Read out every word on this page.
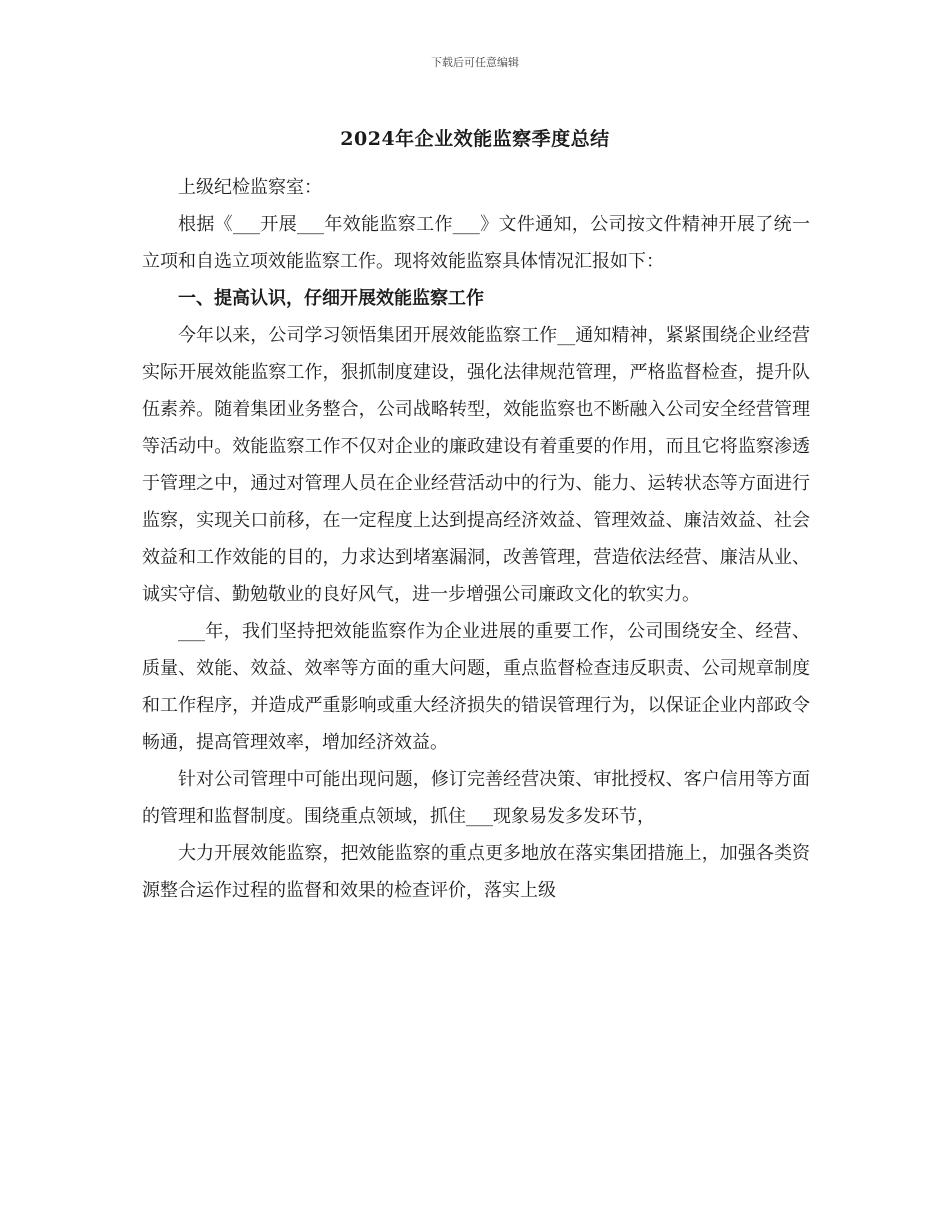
下载后可任意编辑
2024年企业效能监察季度总结

上级纪检监察室：

根据《___开展___年效能监察工作___》文件通知，公司按文件精神开展了统一立项和自选立项效能监察工作。现将效能监察具体情况汇报如下：

一、提高认识，仔细开展效能监察工作

今年以来，公司学习领悟集团开展效能监察工作__通知精神，紧紧围绕企业经营实际开展效能监察工作，狠抓制度建设，强化法律规范管理，严格监督检查，提升队伍素养。随着集团业务整合，公司战略转型，效能监察也不断融入公司安全经营管理等活动中。效能监察工作不仅对企业的廉政建设有着重要的作用，而且它将监察渗透于管理之中，通过对管理人员在企业经营活动中的行为、能力、运转状态等方面进行监察，实现关口前移，在一定程度上达到提高经济效益、管理效益、廉洁效益、社会效益和工作效能的目的，力求达到堵塞漏洞，改善管理，营造依法经营、廉洁从业、诚实守信、勤勉敬业的良好风气，进一步增强公司廉政文化的软实力。

___年，我们坚持把效能监察作为企业进展的重要工作，公司围绕安全、经营、质量、效能、效益、效率等方面的重大问题，重点监督检查违反职责、公司规章制度和工作程序，并造成严重影响或重大经济损失的错误管理行为，以保证企业内部政令畅通，提高管理效率，增加经济效益。

针对公司管理中可能出现问题，修订完善经营决策、审批授权、客户信用等方面的管理和监督制度。围绕重点领域，抓住___现象易发多发环节，

大力开展效能监察，把效能监察的重点更多地放在落实集团措施上，加强各类资源整合运作过程的监督和效果的检查评价，落实上级
